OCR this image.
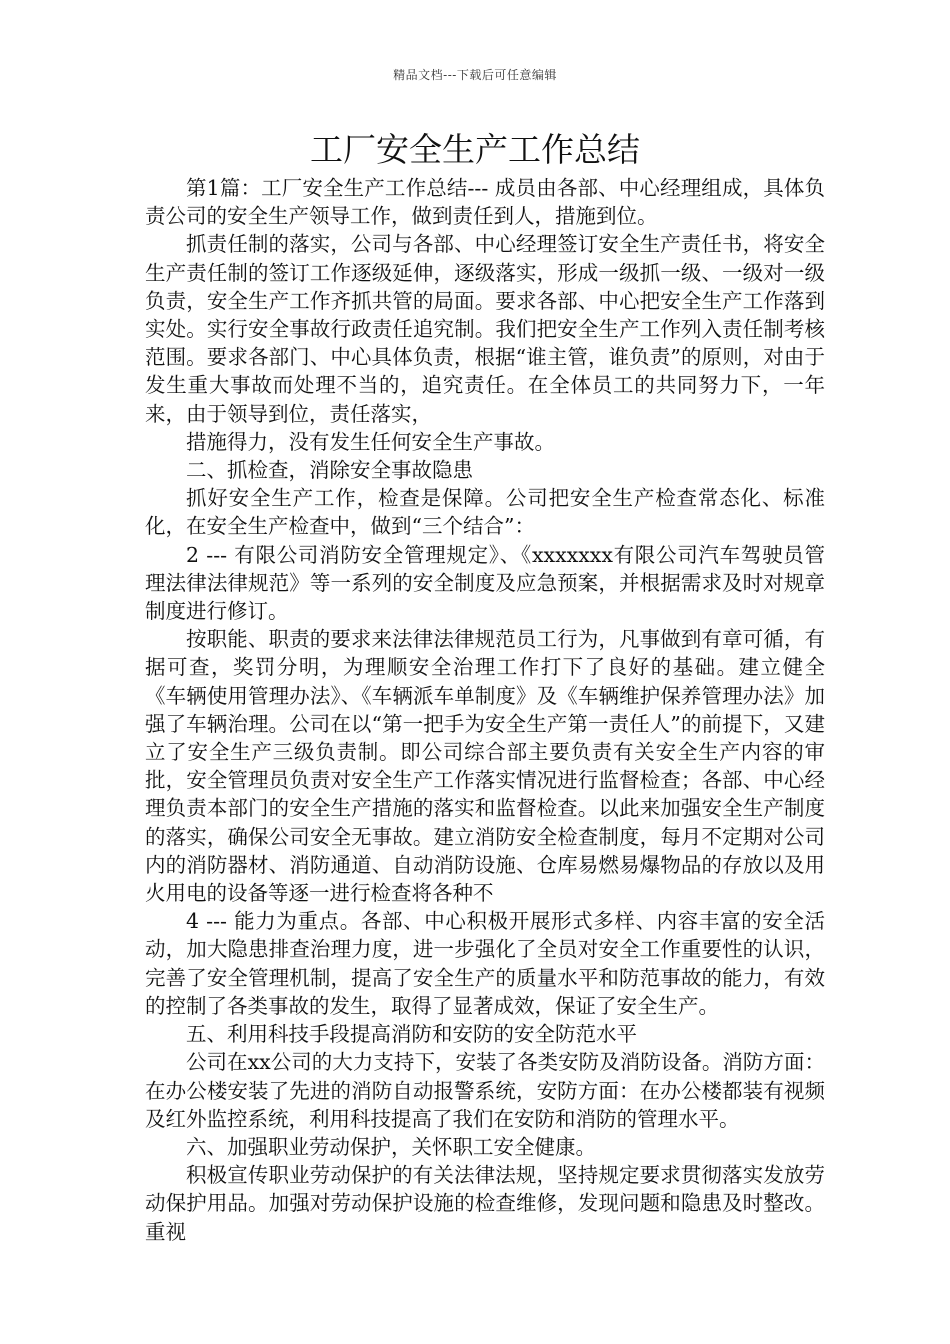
精品文档---下载后可任意编辑
工厂安全生产工作总结

第1篇：工厂安全生产工作总结--- 成员由各部、中心经理组成，具体负责公司的安全生产领导工作，做到责任到人，措施到位。

抓责任制的落实，公司与各部、中心经理签订安全生产责任书，将安全生产责任制的签订工作逐级延伸，逐级落实，形成一级抓一级、一级对一级负责，安全生产工作齐抓共管的局面。要求各部、中心把安全生产工作落到实处。实行安全事故行政责任追究制。我们把安全生产工作列入责任制考核范围。要求各部门、中心具体负责，根据“谁主管，谁负责”的原则，对由于发生重大事故而处理不当的，追究责任。在全体员工的共同努力下，一年来，由于领导到位，责任落实，

措施得力，没有发生任何安全生产事故。

二、抓检查，消除安全事故隐患

抓好安全生产工作，检查是保障。公司把安全生产检查常态化、标准化，在安全生产检查中，做到“三个结合”：

2 --- 有限公司消防安全管理规定》、《xxxxxxx有限公司汽车驾驶员管理法律法律规范》等一系列的安全制度及应急预案，并根据需求及时对规章制度进行修订。

按职能、职责的要求来法律法律规范员工行为，凡事做到有章可循，有据可查，奖罚分明，为理顺安全治理工作打下了良好的基础。建立健全 《车辆使用管理办法》、《车辆派车单制度》及《车辆维护保养管理办法》加强了车辆治理。公司在以“第一把手为安全生产第一责任人”的前提下，又建立了安全生产三级负责制。即公司综合部主要负责有关安全生产内容的审批，安全管理员负责对安全生产工作落实情况进行监督检查；各部、中心经理负责本部门的安全生产措施的落实和监督检查。以此来加强安全生产制度的落实，确保公司安全无事故。建立消防安全检查制度，每月不定期对公司内的消防器材、消防通道、自动消防设施、仓库易燃易爆物品的存放以及用火用电的设备等逐一进行检查将各种不

4 --- 能力为重点。各部、中心积极开展形式多样、内容丰富的安全活动，加大隐患排查治理力度，进一步强化了全员对安全工作重要性的认识，完善了安全管理机制，提高了安全生产的质量水平和防范事故的能力，有效的控制了各类事故的发生，取得了显著成效，保证了安全生产。

五、利用科技手段提高消防和安防的安全防范水平

公司在xx公司的大力支持下，安装了各类安防及消防设备。消防方面：在办公楼安装了先进的消防自动报警系统，安防方面：在办公楼都装有视频及红外监控系统，利用科技提高了我们在安防和消防的管理水平。

六、加强职业劳动保护，关怀职工安全健康。

积极宣传职业劳动保护的有关法律法规，坚持规定要求贯彻落实发放劳动保护用品。加强对劳动保护设施的检查维修，发现问题和隐患及时整改。重视
